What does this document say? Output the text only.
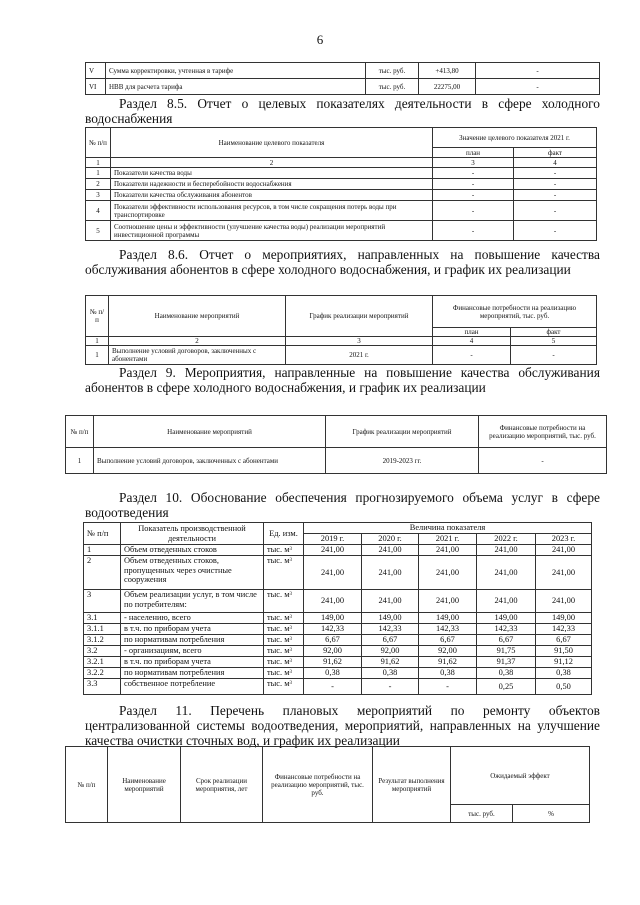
6
V	Сумма корректировки, учтенная в тарифе	тыс. руб.	+413,80	-
VI	НВВ для расчета тарифа	тыс. руб.	22275,00	-
Раздел 8.5. Отчет о целевых показателях деятельности в сфере холодного водоснабжения
№ п/п	Наименование целевого показателя	Значение целевого показателя 2021 г.	
		план	факт
1	2	3	4
1	Показатели качества воды	-	-
2	Показатели надежности и бесперебойности водоснабжения	-	-
3	Показатели качества обслуживания абонентов	-	-
4	Показатели эффективности использования ресурсов, в том числе сокращения потерь воды при транспортировке	-	-
5	Соотношение цены и эффективности (улучшение качества воды) реализации мероприятий инвестиционной программы	-	-
Раздел 8.6. Отчет о мероприятиях, направленных на повышение качества обслуживания абонентов в сфере холодного водоснабжения, и график их реализации
№ п/п	Наименование мероприятий	График реализации мероприятий	Финансовые потребности на реализацию мероприятий, тыс. руб.	
			план	факт
1	2	3	4	5
1	Выполнение условий договоров, заключенных с абонентами	2021 г.	-	-
Раздел 9. Мероприятия, направленные на повышение качества обслуживания абонентов в сфере холодного водоснабжения, и график их реализации
№ п/п	Наименование мероприятий	График реализации мероприятий	Финансовые потребности на реализацию мероприятий, тыс. руб.
1	Выполнение условий договоров, заключенных с абонентами	2019-2023 гг.	-
Раздел 10. Обоснование обеспечения прогнозируемого объема услуг в сфере водоотведения
№ п/п	Показатель производственной деятельности	Ед. изм.	Величина показателя				
			2019 г.	2020 г.	2021 г.	2022 г.	2023 г.
1	Объем отведенных стоков	тыс. $м^3$	241,00	241,00	241,00	241,00	241,00
2	Объем отведенных стоков, пропущенных через очистные сооружения	тыс. $м^3$	241,00	241,00	241,00	241,00	241,00
3	Объем реализации услуг, в том числе по потребителям:	тыс. $м^3$	241,00	241,00	241,00	241,00	241,00
3.1	- населению, всего	тыс. $м^3$	149,00	149,00	149,00	149,00	149,00
3.1.1	в т.ч. по приборам учета	тыс. $м^3$	142,33	142,33	142,33	142,33	142,33
3.1.2	по нормативам потребления	тыс. $м^3$	6,67	6,67	6,67	6,67	6,67
3.2	- организациям, всего	тыс. $м^3$	92,00	92,00	92,00	91,75	91,50
3.2.1	в т.ч. по приборам учета	тыс. $м^3$	91,62	91,62	91,62	91,37	91,12
3.2.2	по нормативам потребления	тыс. $м^3$	0,38	0,38	0,38	0,38	0,38
3.3	собственное потребление	тыс. $м^3$	-	-	-	0,25	0,50
Раздел 11. Перечень плановых мероприятий по ремонту объектов централизованной системы водоотведения, мероприятий, направленных на улучшение качества очистки сточных вод, и график их реализации
№ п/п	Наименование мероприятий	Срок реализации мероприятия, лет	Финансовые потребности на реализацию мероприятий, тыс. руб.	Результат выполнения мероприятий	Ожидаемый эффект	
					тыс. руб.	%
